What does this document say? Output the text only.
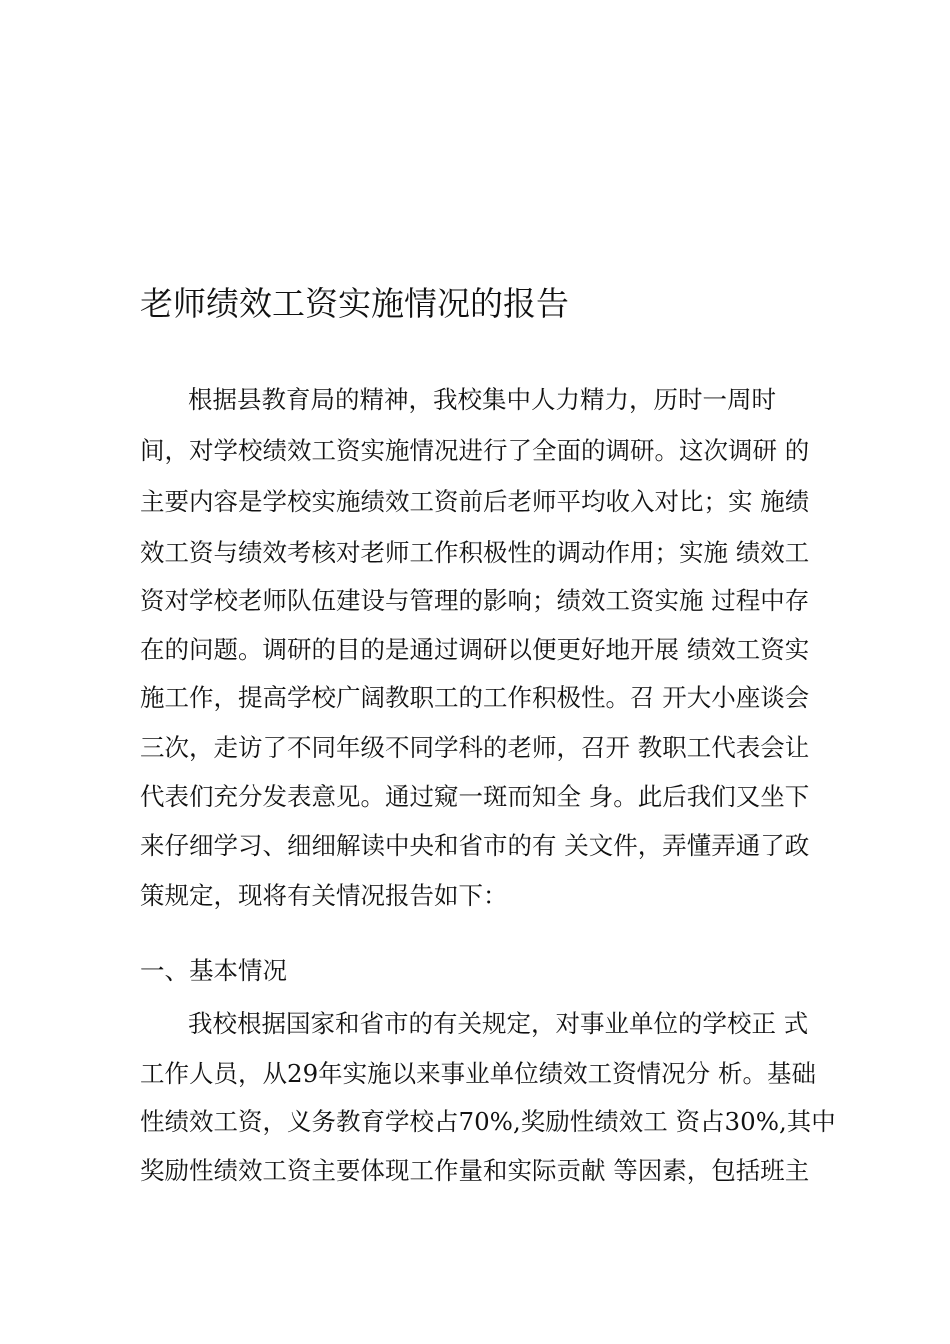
老师绩效工资实施情况的报告
根据县教育局的精神，我校集中人力精力，历时一周时
间，对学校绩效工资实施情况进行了全面的调研。这次调研 的
主要内容是学校实施绩效工资前后老师平均收入对比；实 施绩
效工资与绩效考核对老师工作积极性的调动作用；实施 绩效工
资对学校老师队伍建设与管理的影响；绩效工资实施 过程中存
在的问题。调研的目的是通过调研以便更好地开展 绩效工资实
施工作，提高学校广阔教职工的工作积极性。召 开大小座谈会
三次，走访了不同年级不同学科的老师，召开 教职工代表会让
代表们充分发表意见。通过窥一斑而知全 身。此后我们又坐下
来仔细学习、细细解读中央和省市的有 关文件，弄懂弄通了政
策规定，现将有关情况报告如下：
一、基本情况
我校根据国家和省市的有关规定，对事业单位的学校正 式
工作人员，从29年实施以来事业单位绩效工资情况分 析。基础
性绩效工资，义务教育学校占70%,奖励性绩效工 资占30%,其中
奖励性绩效工资主要体现工作量和实际贡献 等因素，包括班主
